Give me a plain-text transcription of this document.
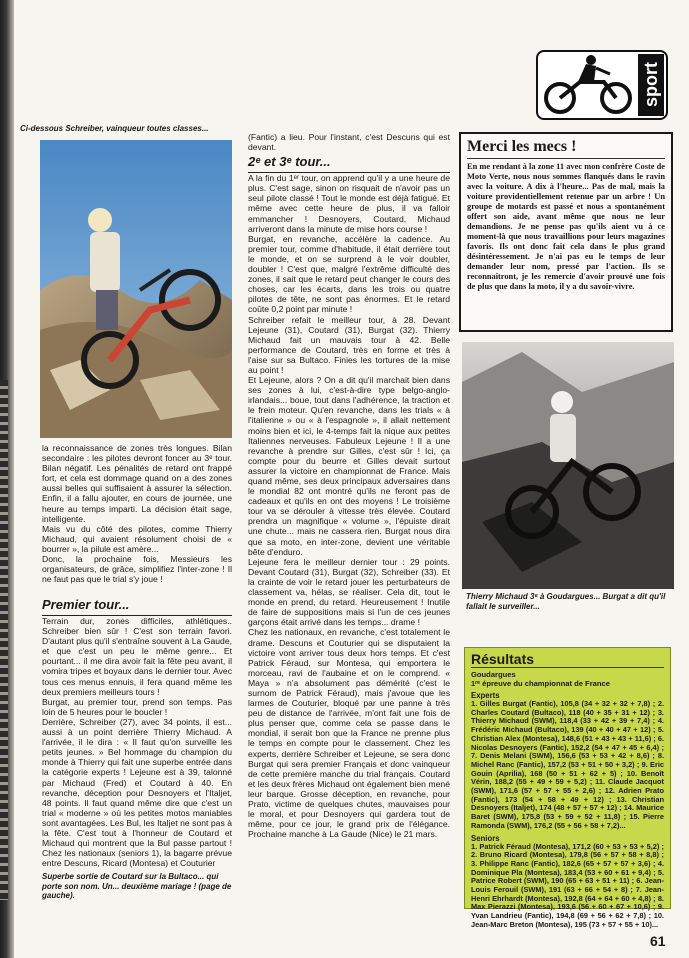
sport
Ci-dessous Schreiber, vainqueur toutes classes...

la reconnaissance de zones très longues. Bilan secondaire : les pilotes devront foncer au 3ᵉ tour. Bilan négatif. Les pénalités de retard ont frappé fort, et cela est dommage quand on a des zones aussi belles qui suffisaient à assurer la sélection. Enfin, il a fallu ajouter, en cours de journée, une heure au temps imparti. La décision était sage, intelligente.

Mais vu du côté des pilotes, comme Thierry Michaud, qui avaient résolument choisi de « bourrer », la pilule est amère...

Donc, la prochaine fois, Messieurs les organisateurs, de grâce, simplifiez l'inter-zone ! Il ne faut pas que le trial s'y joue !

Premier tour...

Terrain dur, zones difficiles, athlétiques.. Schreiber bien sûr ! C'est son terrain favori. D'autant plus qu'il s'entraîne souvent à La Gaude, et que c'est un peu le même genre... Et pourtant... il me dira avoir fait la fête peu avant, il vomira tripes et boyaux dans le dernier tour. Avec tous ces menus ennuis, il fera quand même les deux premiers meilleurs tours !

Burgat, au premier tour, prend son temps. Pas loin de 5 heures pour le boucler !

Derrière, Schreiber (27), avec 34 points, il est... aussi à un point derrière Thierry Michaud. A l'arrivée, il le dira : « Il faut qu'on surveille les petits jeunes. » Bel hommage du champion du monde à Thierry qui fait une superbe entrée dans la catégorie experts ! Lejeune est à 39, talonné par Michaud (Fred) et Coutard à 40. En revanche, déception pour Desnoyers et l'Italjet, 48 points. Il faut quand même dire que c'est un trial « moderne » où les petites motos maniables sont avantagées. Les Bul, les Italjet ne sont pas à la fête. C'est tout à l'honneur de Coutard et Michaud qui montrent que la Bul passe partout ! Chez les nationaux (seniors 1), la bagarre prévue entre Descuns, Ricard (Montesa) et Couturier

Superbe sortie de Coutard sur la Bultaco... qui porte son nom. Un... deuxième mariage ! (page de gauche).

(Fantic) a lieu. Pour l'instant, c'est Descuns qui est devant.

2ᵉ et 3ᵉ tour...

A la fin du 1ᵉʳ tour, on apprend qu'il y a une heure de plus. C'est sage, sinon on risquait de n'avoir pas un seul pilote classé ! Tout le monde est déjà fatigué. Et même avec cette heure de plus, il va falloir emmancher ! Desnoyers, Coutard, Michaud arriveront dans la minute de mise hors course !

Burgat, en revanche, accélère la cadence. Au premier tour, comme d'habitude, il était derrière tout le monde, et on se surprend à le voir doubler, doubler ! C'est que, malgré l'extrême difficulté des zones, il sait que le retard peut changer le cours des choses, car les écarts, dans les trois ou quatre pilotes de tête, ne sont pas énormes. Et le retard coûte 0,2 point par minute !

Schreiber refait le meilleur tour, à 28. Devant Lejeune (31), Coutard (31), Burgat (32). Thierry Michaud fait un mauvais tour à 42. Belle performance de Coutard, très en forme et très à l'aise sur sa Bultaco. Finies les tortures de la mise au point !

Et Lejeune, alors ? On a dit qu'il marchait bien dans ses zones à lui, c'est-à-dire type belgo-anglo-irlandais... boue, tout dans l'adhérence, la traction et le frein moteur. Qu'en revanche, dans les trials « à l'italienne » ou « à l'espagnole », il allait nettement moins bien et ici, le 4-temps fait la nique aux petites Italiennes nerveuses. Fabuleux Lejeune ! Il a une revanche à prendre sur Gilles, c'est sûr ! Ici, ça compte pour du beurre et Gilles devait surtout assurer la victoire en championnat de France. Mais quand même, ses deux principaux adversaires dans le mondial 82 ont montré qu'ils ne feront pas de cadeaux et qu'ils en ont des moyens ! Le troisième tour va se dérouler à vitesse très élevée. Coutard prendra un magnifique « volume », l'épuiste dirait une chute... mais ne cassera rien. Burgat nous dira que sa moto, en inter-zone, devient une véritable bête d'enduro.

Lejeune fera le meilleur dernier tour : 29 points. Devant Coutard (31), Burgat (32), Schreiber (33). Et la crainte de voir le retard jouer les perturbateurs de classement va, hélas, se réaliser. Cela dit, tout le monde en prend, du retard. Heureusement ! Inutile de faire de suppositions mais si l'un de ces jeunes garçons était arrivé dans les temps... drame !

Chez les nationaux, en revanche, c'est totalement le drame. Descuns et Couturier qui se disputaient la victoire vont arriver tous deux hors temps. Et c'est Patrick Féraud, sur Montesa, qui emportera le morceau, ravi de l'aubaine et on le comprend. « Maya » n'a absolument pas démérité (c'est le surnom de Patrick Féraud), mais j'avoue que les larmes de Couturier, bloqué par une panne à très peu de distance de l'arrivée, m'ont fait une fois de plus penser que, comme cela se passe dans le mondial, il serait bon que la France ne prenne plus le temps en compte pour le classement. Chez les experts, derrière Schreiber et Lejeune, se sera donc Burgat qui sera premier Français et donc vainqueur de cette première manche du trial français. Coutard et les deux frères Michaud ont également bien mené leur barque. Grosse déception, en revanche, pour Prato, victime de quelques chutes, mauvaises pour le moral, et pour Desnoyers qui gardera tout de même, pour ce jour, le grand prix de l'élégance. Prochaine manche à La Gaude (Nice) le 21 mars.

Merci les mecs !

En me rendant à la zone 11 avec mon confrère Coste de Moto Verte, nous nous sommes flanqués dans le ravin avec la voiture. A dix à l'heure... Pas de mal, mais la voiture providentiellement retenue par un arbre ! Un groupe de motards est passé et nous a spontanément offert son aide, avant même que nous ne leur demandions. Je ne pense pas qu'ils aient vu à ce moment-là que nous travaillions pour leurs magazines favoris. Ils ont donc fait cela dans le plus grand désintéressement. Je n'ai pas eu le temps de leur demander leur nom, pressé par l'action. Ils se reconnaîtront, je les remercie d'avoir prouvé une fois de plus que dans la moto, il y a du savoir-vivre.

Thierry Michaud 3ᵉ à Goudargues... Burgat a dit qu'il fallait le surveiller...
Résultats
Goudargues
1ʳᵉ épreuve du championnat de France
Experts
1. Gilles Burgat (Fantic), 105,8 (34 + 32 + 32 + 7,8) ; 2. Charles Coutard (Bultaco), 118 (40 + 35 + 31 + 12) ; 3. Thierry Michaud (SWM), 118,4 (33 + 42 + 39 + 7,4) ; 4. Frédéric Michaud (Bultaco), 139 (40 + 40 + 47 + 12) ; 5. Christian Alex (Montesa), 148,6 (51 + 43 + 43 + 11,6) ; 6. Nicolas Desnoyers (Fantic), 152,2 (54 + 47 + 45 + 6,4) ; 7. Denis Melani (SWM), 156,6 (53 + 53 + 42 + 8,6) ; 8. Michel Ranc (Fantic), 157,2 (53 + 51 + 50 + 3,2) ; 9. Eric Gouin (Aprilia), 168 (50 + 51 + 62 + 5) ; 10. Benoît Vérin, 188,2 (55 + 49 + 59 + 5,2) ; 11. Claude Jacquot (SWM), 171,6 (57 + 57 + 55 + 2,6) ; 12. Adrien Prato (Fantic), 173 (54 + 58 + 49 + 12) ; 13. Christian Desnoyers (Italjet), 174 (48 + 57 + 57 + 12) ; 14. Maurice Baret (SWM), 175,8 (53 + 59 + 52 + 11,8) ; 15. Pierre Ramonda (SWM), 176,2 (55 + 56 + 58 + 7,2)...
Seniors
1. Patrick Féraud (Montesa), 171,2 (60 + 53 + 53 + 5,2) ; 2. Bruno Ricard (Montesa), 179,8 (56 + 57 + 58 + 8,8) ; 3. Philippe Ranc (Fantic), 182,6 (65 + 57 + 57 + 3,6) ; 4. Dominique Pla (Montesa), 183,4 (53 + 60 + 61 + 9,4) ; 5. Patrice Robert (SWM), 190 (65 + 63 + 51 + 11) ; 6. Jean-Louis Ferouil (SWM), 191 (63 + 66 + 54 + 8) ; 7. Jean-Henri Ehrhardt (Montesa), 192,8 (64 + 64 + 60 + 4,8) ; 8. Max Pierazzi (Montesa), 193,6 (56 + 60 + 67 + 10,6) ; 9. Yvan Landrieu (Fantic), 194,8 (69 + 56 + 62 + 7,8) ; 10. Jean-Marc Breton (Montesa), 195 (73 + 57 + 55 + 10)...
61
